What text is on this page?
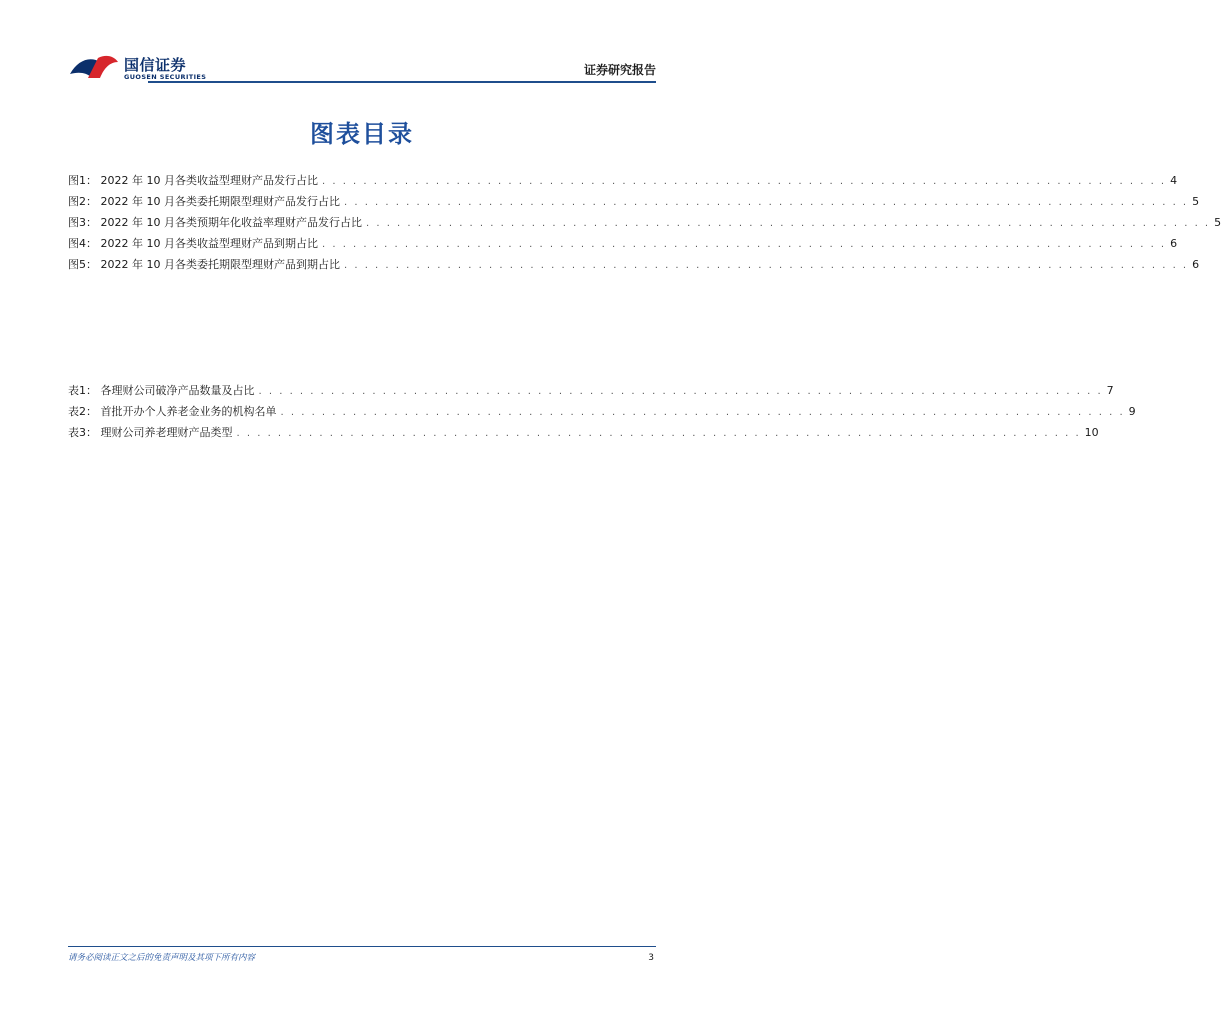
国信证券
GUOSEN SECURITIES	证券研究报告
图表目录
图1： 2022 年 10 月各类收益型理财产品发行占比 . . . . . . . . . . . . . . . . . . . . . . . . . . . . . . . . . . . . . . . . . . . . . . . . . . . . . . . . . . . . . . . . . . . . . . . . . . . . . . . . . . 4
图2： 2022 年 10 月各类委托期限型理财产品发行占比 . . . . . . . . . . . . . . . . . . . . . . . . . . . . . . . . . . . . . . . . . . . . . . . . . . . . . . . . . . . . . . . . . . . . . . . . . . . . . . . . . . 5
图3： 2022 年 10 月各类预期年化收益率理财产品发行占比 . . . . . . . . . . . . . . . . . . . . . . . . . . . . . . . . . . . . . . . . . . . . . . . . . . . . . . . . . . . . . . . . . . . . . . . . . . . . . . . . . . 5
图4： 2022 年 10 月各类收益型理财产品到期占比 . . . . . . . . . . . . . . . . . . . . . . . . . . . . . . . . . . . . . . . . . . . . . . . . . . . . . . . . . . . . . . . . . . . . . . . . . . . . . . . . . . 6
图5： 2022 年 10 月各类委托期限型理财产品到期占比 . . . . . . . . . . . . . . . . . . . . . . . . . . . . . . . . . . . . . . . . . . . . . . . . . . . . . . . . . . . . . . . . . . . . . . . . . . . . . . . . . . 6
表1： 各理财公司破净产品数量及占比 . . . . . . . . . . . . . . . . . . . . . . . . . . . . . . . . . . . . . . . . . . . . . . . . . . . . . . . . . . . . . . . . . . . . . . . . . . . . . . . . . . 7
表2： 首批开办个人养老金业务的机构名单 . . . . . . . . . . . . . . . . . . . . . . . . . . . . . . . . . . . . . . . . . . . . . . . . . . . . . . . . . . . . . . . . . . . . . . . . . . . . . . . . . . 9
表3： 理财公司养老理财产品类型 . . . . . . . . . . . . . . . . . . . . . . . . . . . . . . . . . . . . . . . . . . . . . . . . . . . . . . . . . . . . . . . . . . . . . . . . . . . . . . . . . . 10
请务必阅读正文之后的免责声明及其项下所有内容	3
